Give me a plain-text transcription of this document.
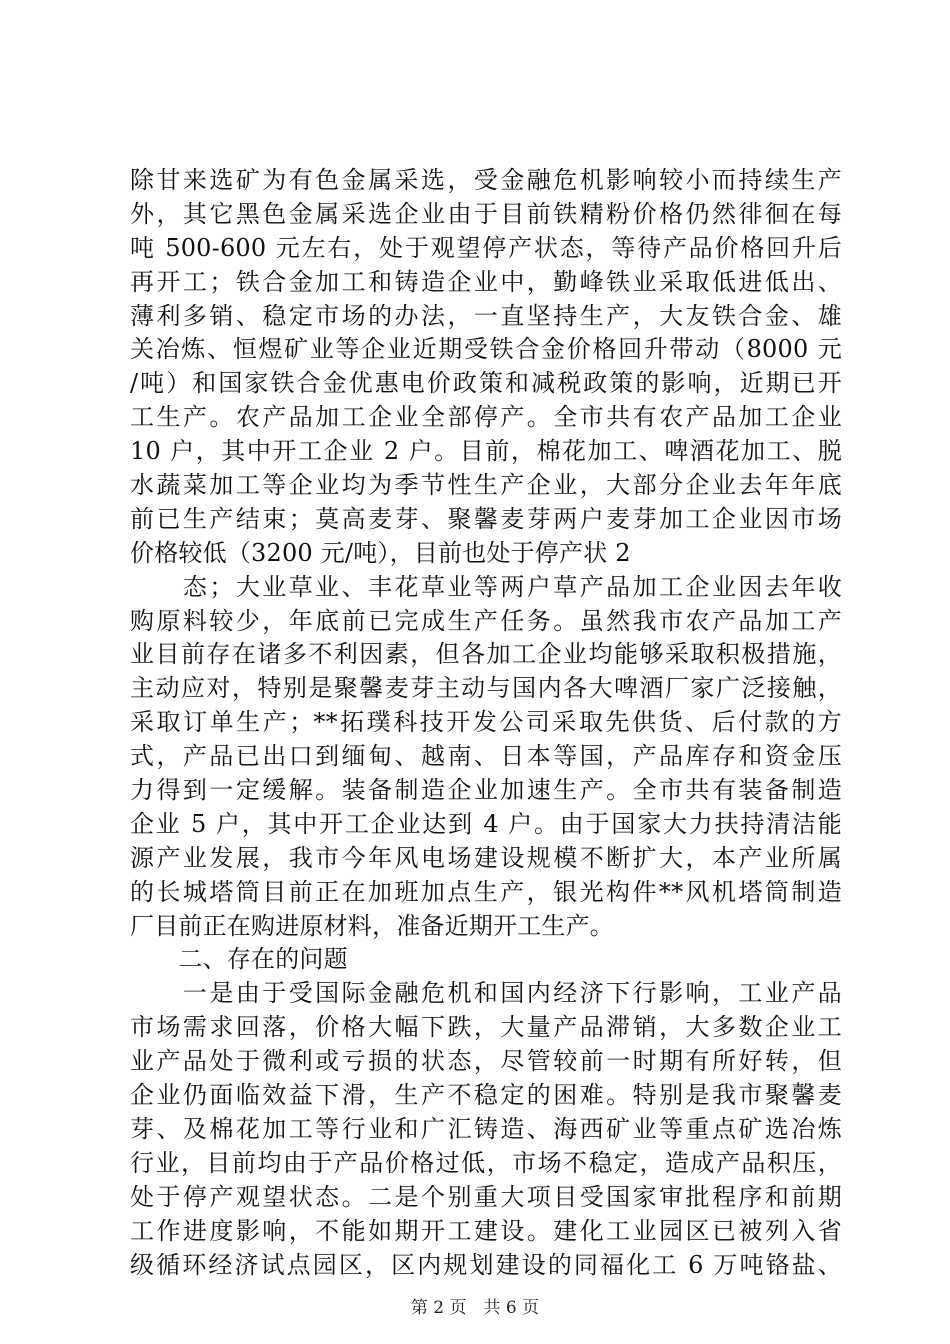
除甘来选矿为有色金属采选，受金融危机影响较小而持续生产
外，其它黑色金属采选企业由于目前铁精粉价格仍然徘徊在每
吨 500-600 元左右，处于观望停产状态，等待产品价格回升后
再开工；铁合金加工和铸造企业中，勤峰铁业采取低进低出、
薄利多销、稳定市场的办法，一直坚持生产，大友铁合金、雄
关冶炼、恒煜矿业等企业近期受铁合金价格回升带动（8000 元
/吨）和国家铁合金优惠电价政策和减税政策的影响，近期已开
工生产。农产品加工企业全部停产。全市共有农产品加工企业
10 户，其中开工企业 2 户。目前，棉花加工、啤酒花加工、脱
水蔬菜加工等企业均为季节性生产企业，大部分企业去年年底
前已生产结束；莫高麦芽、聚馨麦芽两户麦芽加工企业因市场
价格较低（3200 元/吨），目前也处于停产状 2
　　态；大业草业、丰花草业等两户草产品加工企业因去年收
购原料较少，年底前已完成生产任务。虽然我市农产品加工产
业目前存在诸多不利因素，但各加工企业均能够采取积极措施，
主动应对，特别是聚馨麦芽主动与国内各大啤酒厂家广泛接触，
采取订单生产；**拓璞科技开发公司采取先供货、后付款的方
式，产品已出口到缅甸、越南、日本等国，产品库存和资金压
力得到一定缓解。装备制造企业加速生产。全市共有装备制造
企业 5 户，其中开工企业达到 4 户。由于国家大力扶持清洁能
源产业发展，我市今年风电场建设规模不断扩大，本产业所属
的长城塔筒目前正在加班加点生产，银光构件**风机塔筒制造
厂目前正在购进原材料，准备近期开工生产。
　　二、存在的问题
　　一是由于受国际金融危机和国内经济下行影响，工业产品
市场需求回落，价格大幅下跌，大量产品滞销，大多数企业工
业产品处于微利或亏损的状态，尽管较前一时期有所好转，但
企业仍面临效益下滑，生产不稳定的困难。特别是我市聚馨麦
芽、及棉花加工等行业和广汇铸造、海西矿业等重点矿选冶炼
行业，目前均由于产品价格过低，市场不稳定，造成产品积压，
处于停产观望状态。二是个别重大项目受国家审批程序和前期
工作进度影响，不能如期开工建设。建化工业园区已被列入省
级循环经济试点园区，区内规划建设的同福化工 6 万吨铬盐、
第 2 页　共 6 页
